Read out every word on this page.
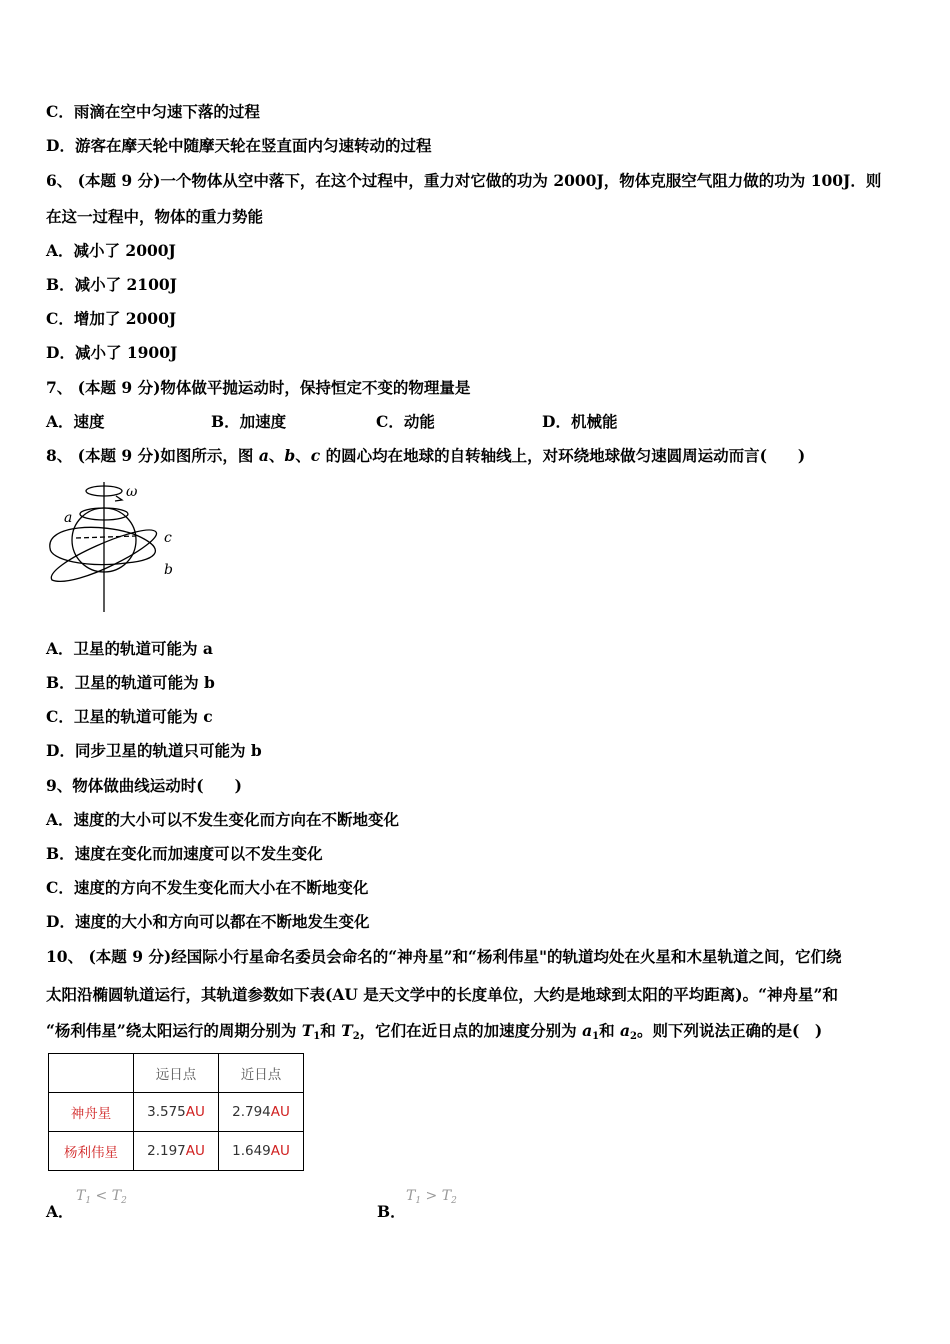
C．雨滴在空中匀速下落的过程
D．游客在摩天轮中随摩天轮在竖直面内匀速转动的过程
6、 (本题 9 分)一个物体从空中落下，在这个过程中，重力对它做的功为 2000J，物体克服空气阻力做的功为 100J．则
在这一过程中，物体的重力势能
A．减小了 2000J
B．减小了 2100J
C．增加了 2000J
D．减小了 1900J
7、 (本题 9 分)物体做平抛运动时，保持恒定不变的物理量是
A．速度	B．加速度	C．动能	D．机械能
8、 (本题 9 分)如图所示，图 a、b、c 的圆心均在地球的自转轴线上，对环绕地球做匀速圆周运动而言(　　)
ω
a
c
b
A．卫星的轨道可能为 a
B．卫星的轨道可能为 b
C．卫星的轨道可能为 c
D．同步卫星的轨道只可能为 b
9、物体做曲线运动时(　　)
A．速度的大小可以不发生变化而方向在不断地变化
B．速度在变化而加速度可以不发生变化
C．速度的方向不发生变化而大小在不断地变化
D．速度的大小和方向可以都在不断地发生变化
10、 (本题 9 分)经国际小行星命名委员会命名的“神舟星”和“杨利伟星"的轨道均处在火星和木星轨道之间，它们绕
太阳沿椭圆轨道运行，其轨道参数如下表(AU 是天文学中的长度单位，大约是地球到太阳的平均距离)。“神舟星”和
“杨利伟星”绕太阳运行的周期分别为 $T_1$和 $T_2$，它们在近日点的加速度分别为 $a_1$和 $a_2$。则下列说法正确的是(　)
	远日点	近日点
神舟星	3.575AU	2.794AU
杨利伟星	2.197AU	1.649AU
A．
$T_1 < T_2$
B．
$T_1 > T_2$
